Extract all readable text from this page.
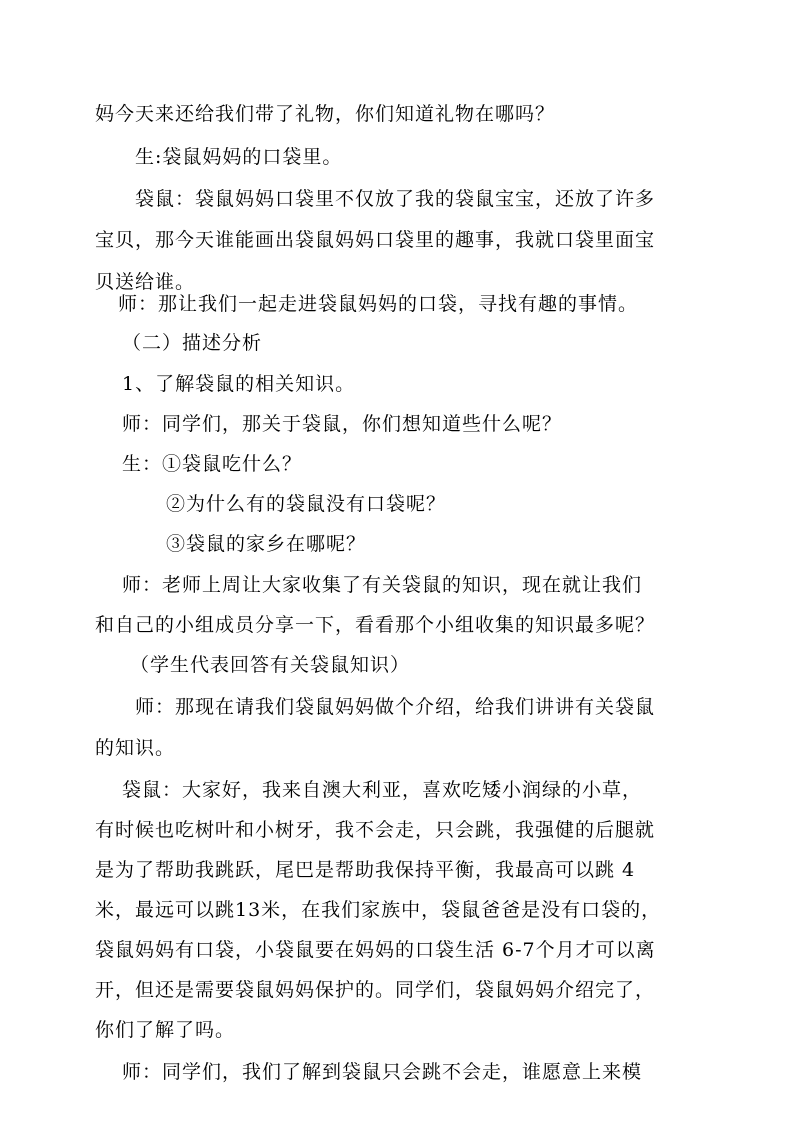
妈今天来还给我们带了礼物，你们知道礼物在哪吗？
生:袋鼠妈妈的口袋里。
袋鼠：袋鼠妈妈口袋里不仅放了我的袋鼠宝宝，还放了许多
宝贝，那今天谁能画出袋鼠妈妈口袋里的趣事，我就口袋里面宝
贝送给谁。
师：那让我们一起走进袋鼠妈妈的口袋，寻找有趣的事情。
（二）描述分析
1、了解袋鼠的相关知识。
师：同学们，那关于袋鼠，你们想知道些什么呢？
生：①袋鼠吃什么？
②为什么有的袋鼠没有口袋呢？
③袋鼠的家乡在哪呢？
师：老师上周让大家收集了有关袋鼠的知识，现在就让我们
和自己的小组成员分享一下，看看那个小组收集的知识最多呢？
（学生代表回答有关袋鼠知识）
师：那现在请我们袋鼠妈妈做个介绍，给我们讲讲有关袋鼠
的知识。
袋鼠：大家好，我来自澳大利亚，喜欢吃矮小润绿的小草，
有时候也吃树叶和小树牙，我不会走，只会跳，我强健的后腿就
是为了帮助我跳跃，尾巴是帮助我保持平衡，我最高可以跳 4
米，最远可以跳13米，在我们家族中，袋鼠爸爸是没有口袋的，
袋鼠妈妈有口袋，小袋鼠要在妈妈的口袋生活 6-7个月才可以离
开，但还是需要袋鼠妈妈保护的。同学们，袋鼠妈妈介绍完了，
你们了解了吗。
师：同学们，我们了解到袋鼠只会跳不会走，谁愿意上来模
